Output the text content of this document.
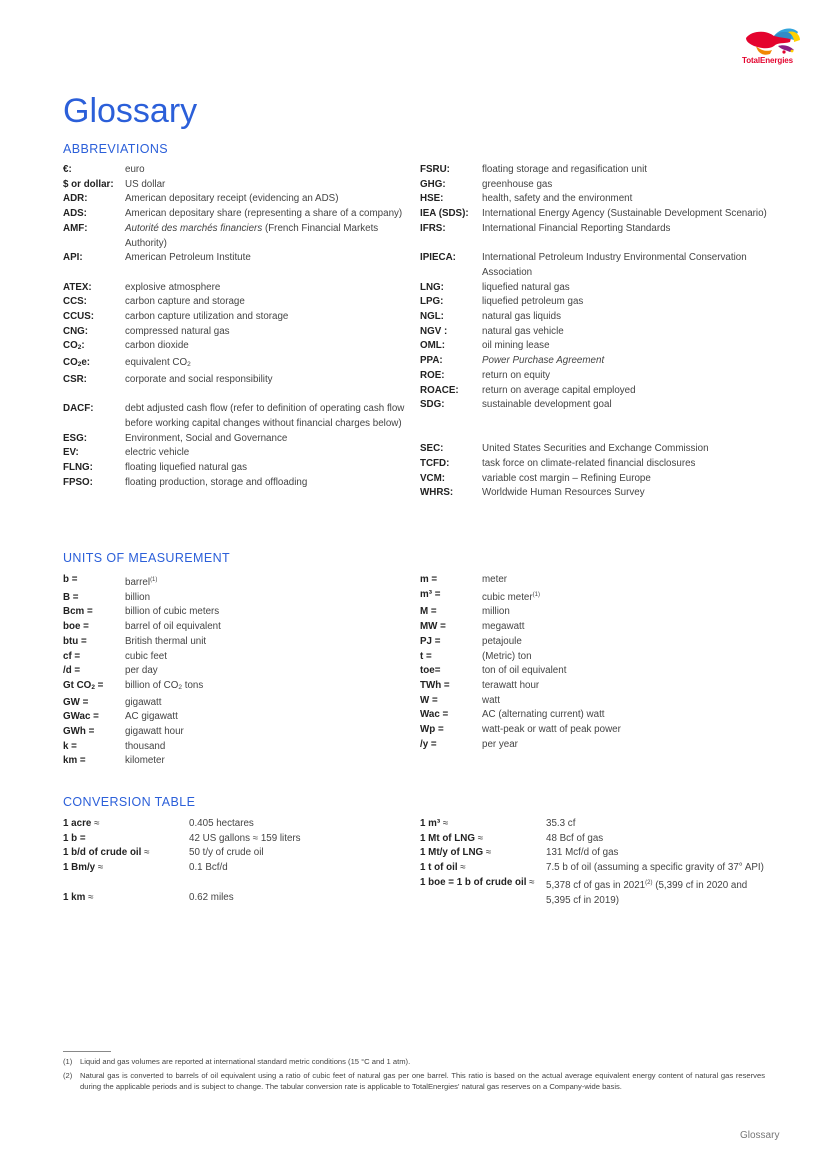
TotalEnergies
Glossary
ABBREVIATIONS
€:	euro
$ or dollar:	US dollar
ADR:	American depositary receipt (evidencing an ADS)
ADS:	American depositary share (representing a share of a company)
AMF:	Autorité des marchés financiers (French Financial Markets Authority)
API:	American Petroleum Institute
ATEX:	explosive atmosphere
CCS:	carbon capture and storage
CCUS:	carbon capture utilization and storage
CNG:	compressed natural gas
$CO_2$:	carbon dioxide
$CO_2e$:	equivalent $CO_2$
CSR:	corporate and social responsibility
DACF:	debt adjusted cash flow (refer to definition of operating cash flow before working capital changes without financial charges below)
ESG:	Environment, Social and Governance
EV:	electric vehicle
FLNG:	floating liquefied natural gas
FPSO:	floating production, storage and offloading
FSRU:	floating storage and regasification unit
GHG:	greenhouse gas
HSE:	health, safety and the environment
IEA (SDS):	International Energy Agency (Sustainable Development Scenario)
IFRS:	International Financial Reporting Standards
IPIECA:	International Petroleum Industry Environmental Conservation Association
LNG:	liquefied natural gas
LPG:	liquefied petroleum gas
NGL:	natural gas liquids
NGV :	natural gas vehicle
OML:	oil mining lease
PPA:	Power Purchase Agreement
ROE:	return on equity
ROACE:	return on average capital employed
SDG:	sustainable development goal
SEC:	United States Securities and Exchange Commission
TCFD:	task force on climate-related financial disclosures
VCM:	variable cost margin – Refining Europe
WHRS:	Worldwide Human Resources Survey
UNITS OF MEASUREMENT
b =	barrel$^{(1)}$
B =	billion
Bcm =	billion of cubic meters
boe =	barrel of oil equivalent
btu =	British thermal unit
cf =	cubic feet
/d =	per day
Gt $CO_2$ =	billion of $CO_2$ tons
GW =	gigawatt
GWac =	AC gigawatt
GWh =	gigawatt hour
k =	thousand
km =	kilometer
m =	meter
m³ =	cubic meter$^{(1)}$
M =	million
MW =	megawatt
PJ =	petajoule
t =	(Metric) ton
toe=	ton of oil equivalent
TWh =	terawatt hour
W =	watt
Wac =	AC (alternating current) watt
Wp =	watt-peak or watt of peak power
/y =	per year
CONVERSION TABLE
1 acre ≈	0.405 hectares
1 b =	42 US gallons ≈ 159 liters
1 b/d of crude oil ≈	50 t/y of crude oil
1 Bm/y ≈	0.1 Bcf/d
1 km ≈	0.62 miles
1 m³ ≈	35.3 cf
1 Mt of LNG ≈	48 Bcf of gas
1 Mt/y of LNG ≈	131 Mcf/d of gas
1 t of oil ≈	7.5 b of oil (assuming a specific gravity of 37° API)
1 boe = 1 b of crude oil ≈	5,378 cf of gas in 2021$^{(2)}$ (5,399 cf in 2020 and 5,395 cf in 2019)
(1)	Liquid and gas volumes are reported at international standard metric conditions (15 °C and 1 atm).
(2)	Natural gas is converted to barrels of oil equivalent using a ratio of cubic feet of natural gas per one barrel. This ratio is based on the actual average equivalent energy content of natural gas reserves during the applicable periods and is subject to change. The tabular conversion rate is applicable to TotalEnergies' natural gas reserves on a Company-wide basis.
Glossary
